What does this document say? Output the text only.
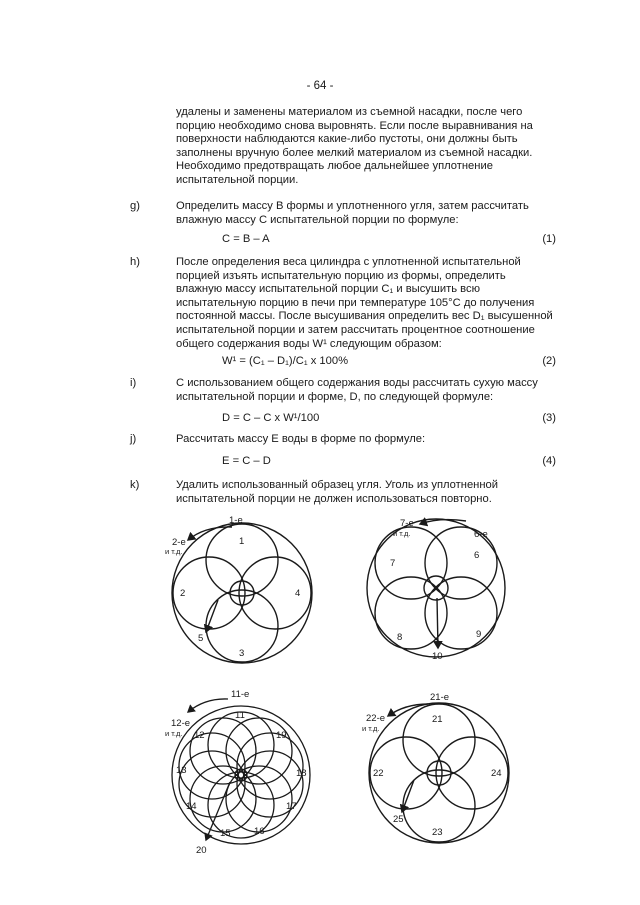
- 64 -
удалены и заменены материалом из съемной насадки, после чего
порцию необходимо снова выровнять. Если после выравнивания на
поверхности наблюдаются какие-либо пустоты, они должны быть
заполнены вручную более мелкий материалом из съемной насадки.
Необходимо предотвращать любое дальнейшее уплотнение
испытательной порции.
g)	Определить массу B формы и уплотненного угля, затем рассчитать
влажную массу C испытательной порции по формуле:
C = B – A	(1)
h)	После определения веса цилиндра с уплотненной испытательной
порцией изъять испытательную порцию из формы, определить
влажную массу испытательной порции C₁ и высушить всю
испытательную порцию в печи при температуре 105°C до получения
постоянной массы. После высушивания определить вес D₁ высушенной
испытательной порции и затем рассчитать процентное соотношение
общего содержания воды W¹ следующим образом:
W¹ = (C₁ – D₁)/C₁ x 100%	(2)
i)	С использованием общего содержания воды рассчитать сухую массу
испытательной порции и форме, D, по следующей формуле:
D = C – C x W¹/100	(3)
j)	Рассчитать массу E воды в форме по формуле:
E = C – D	(4)
k)	Удалить использованный образец угля. Уголь из уплотненной
испытательной порции не должен использоваться повторно.
1-е
2-е
и т.д.
1
2
3
4
5
6-е
7-е
и т.д.
6
7
8	9
10
11-е
12-е
и т.д.
11
12
13
14
15 16
17
18
19
20
21-е
22-е
и т.д.
21
22
23
24
25
